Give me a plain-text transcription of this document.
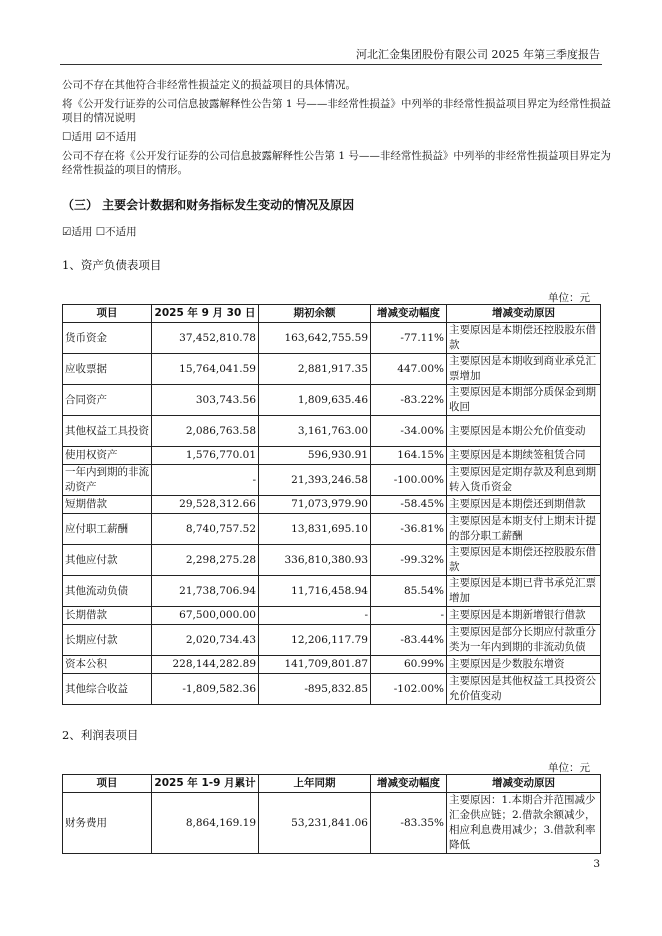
河北汇金集团股份有限公司 2025 年第三季度报告
公司不存在其他符合非经常性损益定义的损益项目的具体情况。
将《公开发行证券的公司信息披露解释性公告第 1 号——非经常性损益》中列举的非经常性损益项目界定为经常性损益
项目的情况说明
☐适用 ☑不适用
公司不存在将《公开发行证券的公司信息披露解释性公告第 1 号——非经常性损益》中列举的非经常性损益项目界定为
经常性损益的项目的情形。
（三） 主要会计数据和财务指标发生变动的情况及原因
☑适用 ☐不适用
1、资产负债表项目
单位：元
项目	2025 年 9 月 30 日	期初余额	增减变动幅度	增减变动原因
货币资金	37,452,810.78	163,642,755.59	-77.11%	主要原因是本期偿还控股股东借款
应收票据	15,764,041.59	2,881,917.35	447.00%	主要原因是本期收到商业承兑汇票增加
合同资产	303,743.56	1,809,635.46	-83.22%	主要原因是本期部分质保金到期收回
其他权益工具投资	2,086,763.58	3,161,763.00	-34.00%	主要原因是本期公允价值变动
使用权资产	1,576,770.01	596,930.91	164.15%	主要原因是本期续签租赁合同
一年内到期的非流动资产	-	21,393,246.58	-100.00%	主要原因是定期存款及利息到期转入货币资金
短期借款	29,528,312.66	71,073,979.90	-58.45%	主要原因是本期偿还到期借款
应付职工薪酬	8,740,757.52	13,831,695.10	-36.81%	主要原因是本期支付上期末计提的部分职工薪酬
其他应付款	2,298,275.28	336,810,380.93	-99.32%	主要原因是本期偿还控股股东借款
其他流动负债	21,738,706.94	11,716,458.94	85.54%	主要原因是本期已背书承兑汇票增加
长期借款	67,500,000.00	-	-	主要原因是本期新增银行借款
长期应付款	2,020,734.43	12,206,117.79	-83.44%	主要原因是部分长期应付款重分类为一年内到期的非流动负债
资本公积	228,144,282.89	141,709,801.87	60.99%	主要原因是少数股东增资
其他综合收益	-1,809,582.36	-895,832.85	-102.00%	主要原因是其他权益工具投资公允价值变动
2、利润表项目
单位：元
项目	2025 年 1-9 月累计	上年同期	增减变动幅度	增减变动原因
财务费用	8,864,169.19	53,231,841.06	-83.35%	主要原因：1.本期合并范围减少汇金供应链；2.借款余额减少，相应利息费用减少；3.借款利率降低
3
